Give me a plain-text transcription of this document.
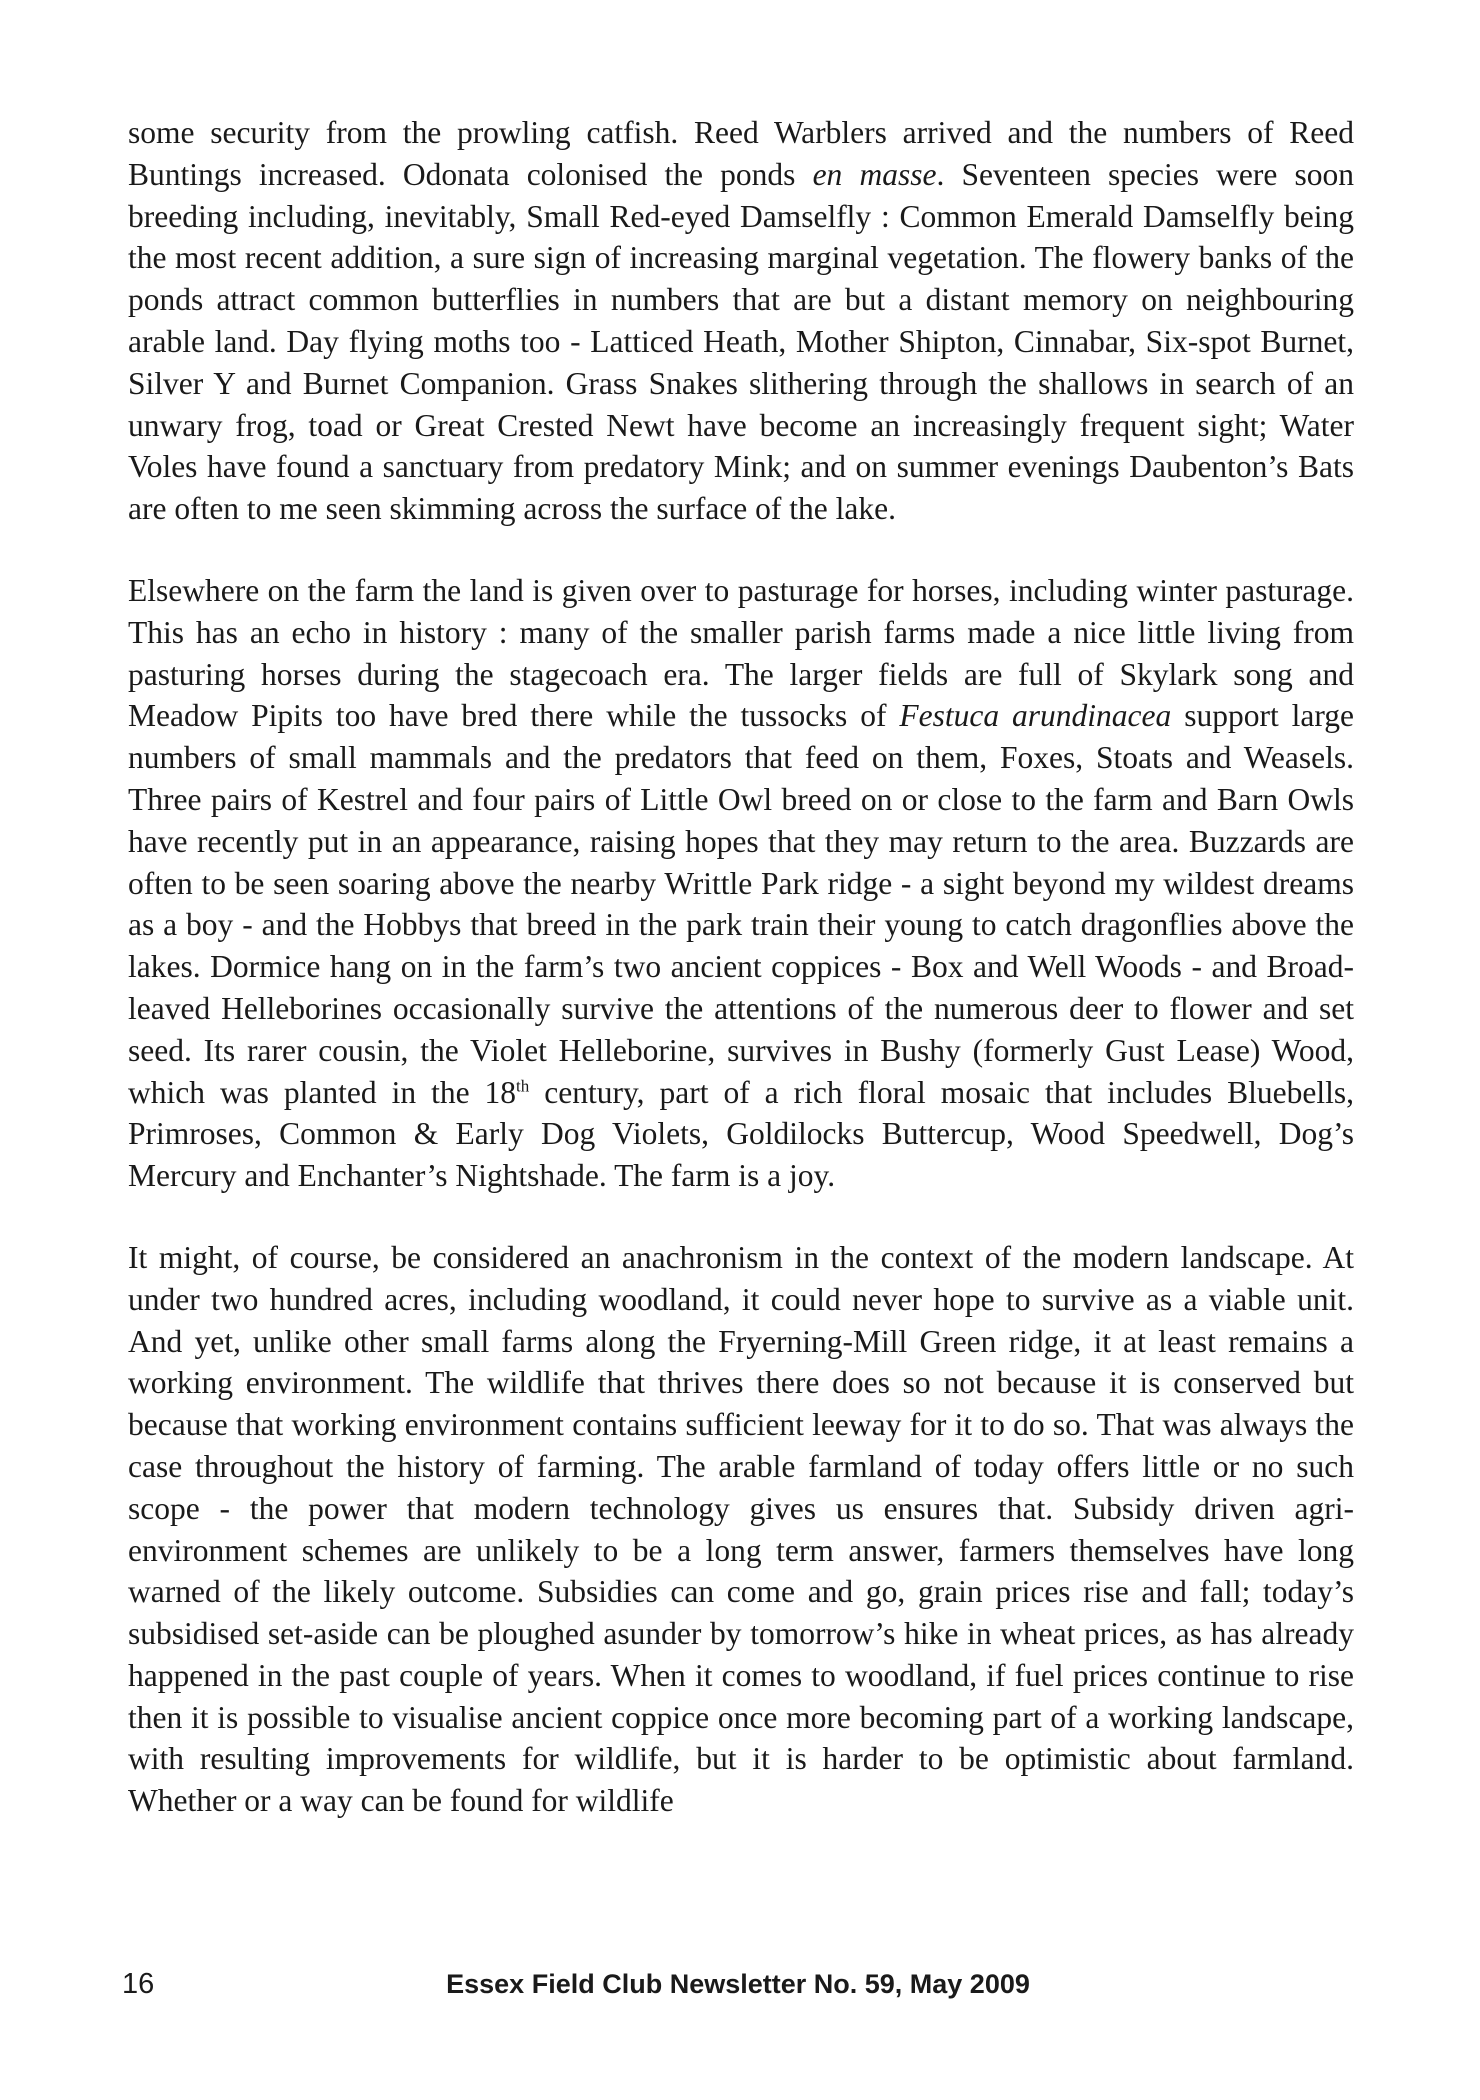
some security from the prowling catfish. Reed Warblers arrived and the numbers of Reed Buntings increased. Odonata colonised the ponds en masse. Seventeen species were soon breeding including, inevitably, Small Red-eyed Damselfly : Common Emerald Damselfly being the most recent addition, a sure sign of increasing marginal vegetation. The flowery banks of the ponds attract common butterflies in numbers that are but a distant memory on neighbouring arable land. Day flying moths too - Latticed Heath, Mother Shipton, Cinnabar, Six-spot Burnet, Silver Y and Burnet Companion. Grass Snakes slithering through the shallows in search of an unwary frog, toad or Great Crested Newt have become an increasingly frequent sight; Water Voles have found a sanctuary from predatory Mink; and on summer evenings Daubenton’s Bats are often to me seen skimming across the surface of the lake.

Elsewhere on the farm the land is given over to pasturage for horses, including winter pasturage. This has an echo in history : many of the smaller parish farms made a nice little living from pasturing horses during the stagecoach era. The larger fields are full of Skylark song and Meadow Pipits too have bred there while the tussocks of Festuca arundinacea support large numbers of small mammals and the predators that feed on them, Foxes, Stoats and Weasels. Three pairs of Kestrel and four pairs of Little Owl breed on or close to the farm and Barn Owls have recently put in an appearance, raising hopes that they may return to the area. Buzzards are often to be seen soaring above the nearby Writtle Park ridge - a sight beyond my wildest dreams as a boy - and the Hobbys that breed in the park train their young to catch dragonflies above the lakes. Dormice hang on in the farm’s two ancient coppices - Box and Well Woods - and Broad-leaved Helleborines occasionally survive the attentions of the numerous deer to flower and set seed. Its rarer cousin, the Violet Helleborine, survives in Bushy (formerly Gust Lease) Wood, which was planted in the 18th century, part of a rich floral mosaic that includes Bluebells, Primroses, Common & Early Dog Violets, Goldilocks Buttercup, Wood Speedwell, Dog’s Mercury and Enchanter’s Nightshade. The farm is a joy.

It might, of course, be considered an anachronism in the context of the modern landscape. At under two hundred acres, including woodland, it could never hope to survive as a viable unit. And yet, unlike other small farms along the Fryerning-Mill Green ridge, it at least remains a working environment. The wildlife that thrives there does so not because it is conserved but because that working environment contains sufficient leeway for it to do so. That was always the case throughout the history of farming. The arable farmland of today offers little or no such scope - the power that modern technology gives us ensures that. Subsidy driven agri-environment schemes are unlikely to be a long term answer, farmers themselves have long warned of the likely outcome. Subsidies can come and go, grain prices rise and fall; today’s subsidised set-aside can be ploughed asunder by tomorrow’s hike in wheat prices, as has already happened in the past couple of years. When it comes to woodland, if fuel prices continue to rise then it is possible to visualise ancient coppice once more becoming part of a working landscape, with resulting improvements for wildlife, but it is harder to be optimistic about farmland. Whether or a way can be found for wildlife

16	Essex Field Club Newsletter No. 59, May 2009
